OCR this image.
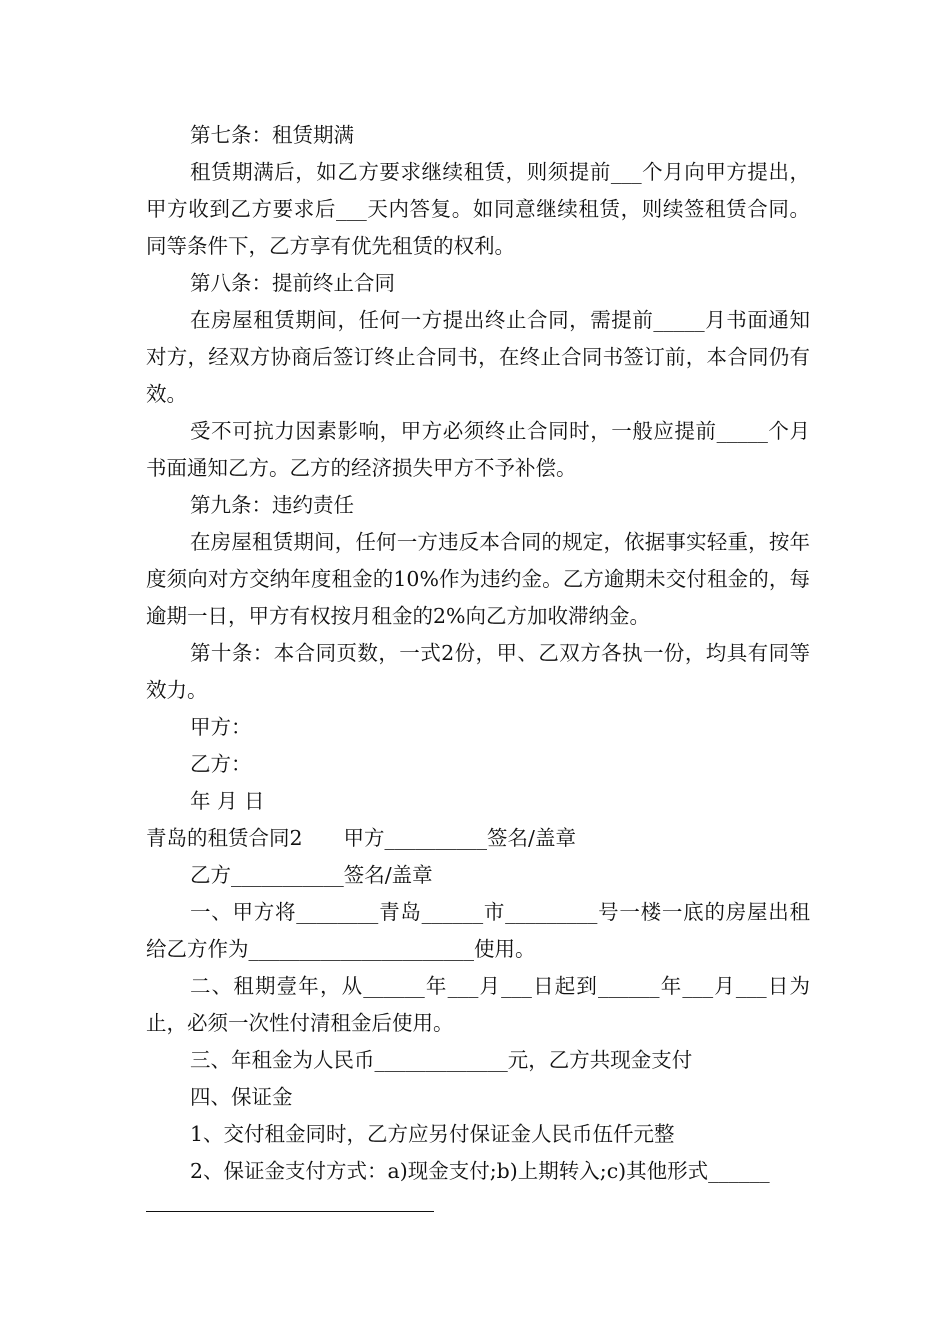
第七条：租赁期满

租赁期满后，如乙方要求继续租赁，则须提前___个月向甲方提出，甲方收到乙方要求后___天内答复。如同意继续租赁，则续签租赁合同。同等条件下，乙方享有优先租赁的权利。

第八条：提前终止合同

在房屋租赁期间，任何一方提出终止合同，需提前_____月书面通知对方，经双方协商后签订终止合同书，在终止合同书签订前，本合同仍有效。

受不可抗力因素影响，甲方必须终止合同时，一般应提前_____个月书面通知乙方。乙方的经济损失甲方不予补偿。

第九条：违约责任

在房屋租赁期间，任何一方违反本合同的规定，依据事实轻重，按年度须向对方交纳年度租金的10%作为违约金。乙方逾期未交付租金的，每逾期一日，甲方有权按月租金的2%向乙方加收滞纳金。

第十条：本合同页数，一式2份，甲、乙双方各执一份，均具有同等效力。

甲方：

乙方：

年 月 日

青岛的租赁合同2　　甲方__________签名/盖章

乙方___________签名/盖章

一、甲方将________青岛______市_________号一楼一底的房屋出租给乙方作为______________________使用。

二、租期壹年，从______年___月___日起到______年___月___日为止，必须一次性付清租金后使用。

三、年租金为人民币_____________元，乙方共现金支付

四、保证金

1、交付租金同时，乙方应另付保证金人民币伍仟元整

2、保证金支付方式：a)现金支付;b)上期转入;c)其他形式______
